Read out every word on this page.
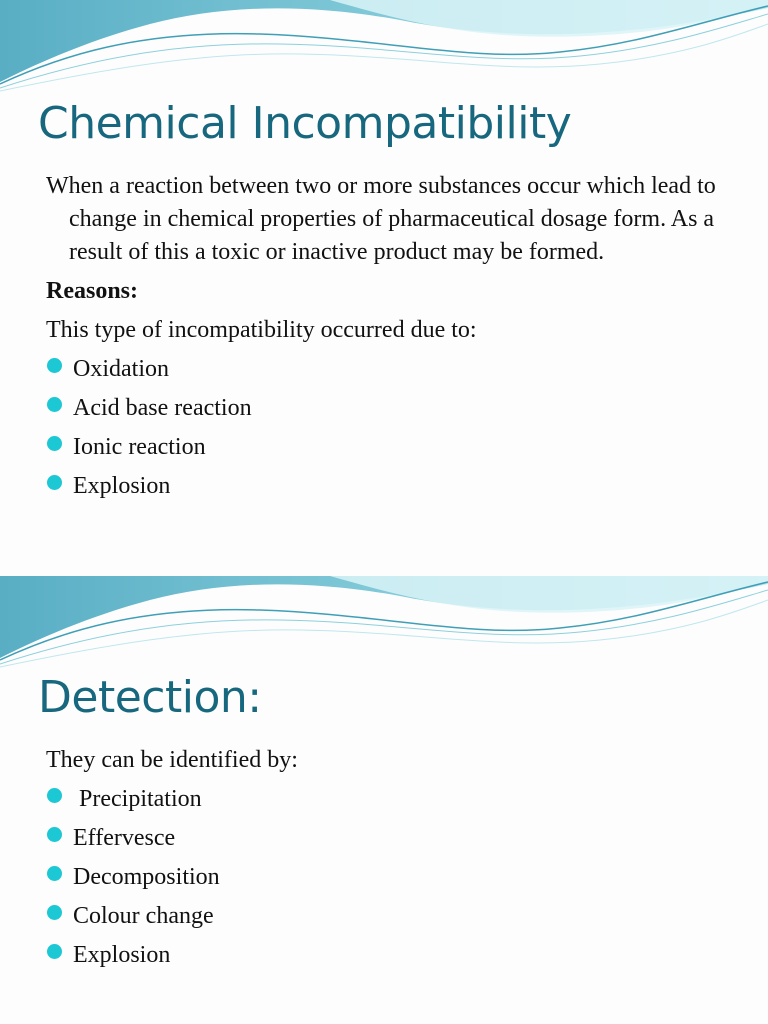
Chemical Incompatibility

When a reaction between two or more substances occur which lead to change in chemical properties of pharmaceutical dosage form. As a result of this a toxic or inactive product may be formed.

Reasons:

This type of incompatibility occurred due to:

Oxidation
Acid base reaction
Ionic reaction
Explosion
Detection:

They can be identified by:

Precipitation
Effervesce
Decomposition
Colour change
Explosion
